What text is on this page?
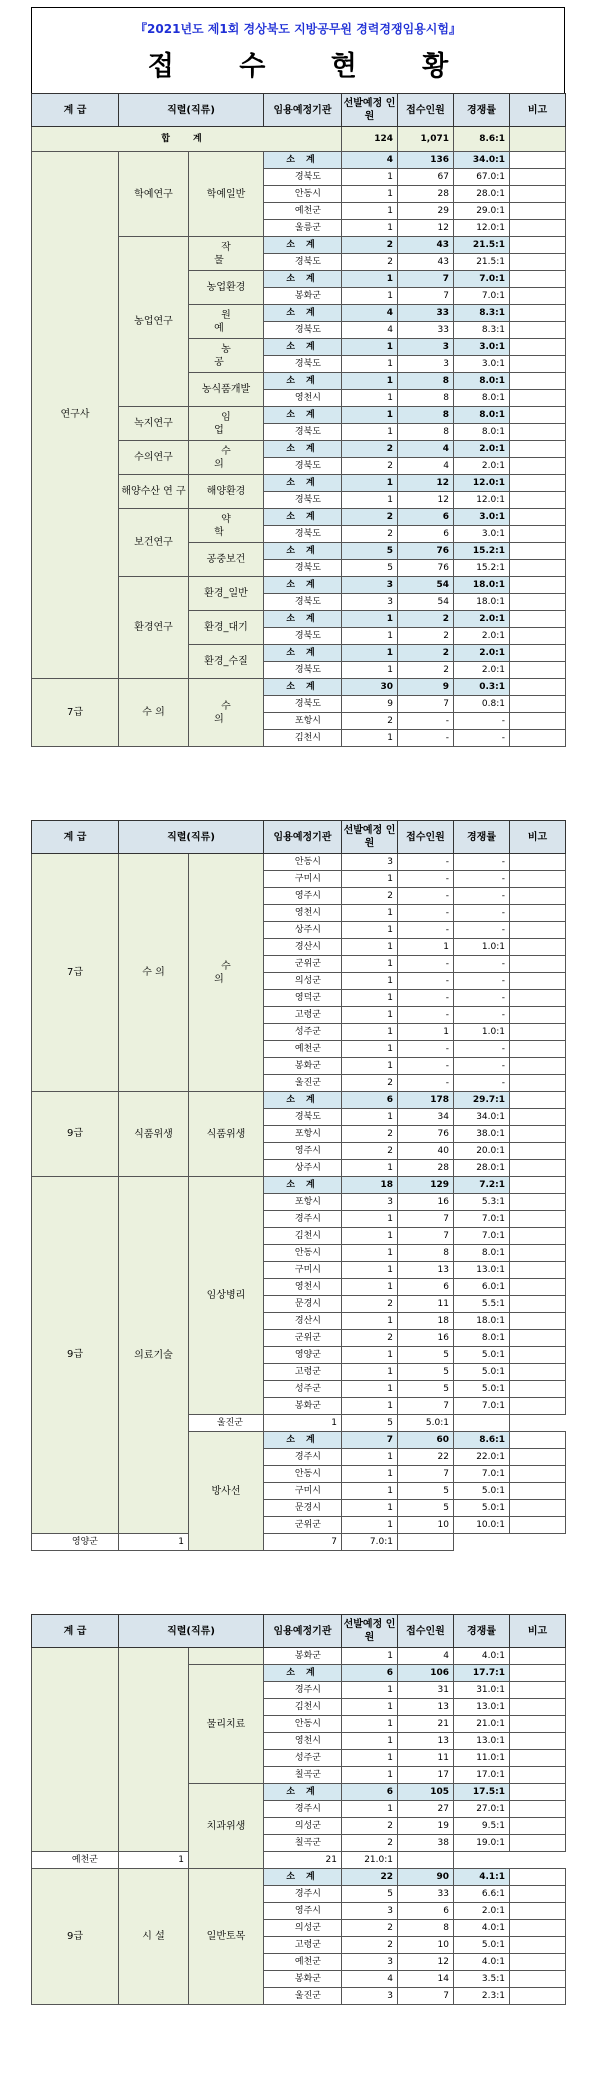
『2021년도 제1회 경상북도 지방공무원 경력경쟁임용시험』
접 수 현 황
계 급	직렬(직류)		임용예정기관	선발예정 인 원	접수인원	경쟁률	비고
합 계				124	1,071	8.6:1	
연구사	학예연구	학예일반	소 계	4	136	34.0:1	
			경북도	1	67	67.0:1	
			안동시	1	28	28.0:1	
			예천군	1	29	29.0:1	
			울릉군	1	12	12.0:1	
	농업연구	작 물	소 계	2	43	21.5:1	
			경북도	2	43	21.5:1	
		농업환경	소 계	1	7	7.0:1	
			봉화군	1	7	7.0:1	
		원 예	소 계	4	33	8.3:1	
			경북도	4	33	8.3:1	
		농 공	소 계	1	3	3.0:1	
			경북도	1	3	3.0:1	
		농식품개발	소 계	1	8	8.0:1	
			영천시	1	8	8.0:1	
	녹지연구	임 업	소 계	1	8	8.0:1	
			경북도	1	8	8.0:1	
	수의연구	수 의	소 계	2	4	2.0:1	
			경북도	2	4	2.0:1	
	해양수산 연 구	해양환경	소 계	1	12	12.0:1	
			경북도	1	12	12.0:1	
	보건연구	약 학	소 계	2	6	3.0:1	
			경북도	2	6	3.0:1	
		공중보건	소 계	5	76	15.2:1	
			경북도	5	76	15.2:1	
	환경연구	환경_일반	소 계	3	54	18.0:1	
			경북도	3	54	18.0:1	
		환경_대기	소 계	1	2	2.0:1	
			경북도	1	2	2.0:1	
		환경_수질	소 계	1	2	2.0:1	
			경북도	1	2	2.0:1	
7급	수 의	수 의	소 계	30	9	0.3:1	
			경북도	9	7	0.8:1	
			포항시	2	-	-	
			김천시	1	-	-	
계 급	직렬(직류)		임용예정기관	선발예정 인 원	접수인원	경쟁률	비고
7급	수 의	수 의	안동시	3	-	-	
			구미시	1	-	-	
			영주시	2	-	-	
			영천시	1	-	-	
			상주시	1	-	-	
			경산시	1	1	1.0:1	
			군위군	1	-	-	
			의성군	1	-	-	
			영덕군	1	-	-	
			고령군	1	-	-	
			성주군	1	1	1.0:1	
			예천군	1	-	-	
			봉화군	1	-	-	
			울진군	2	-	-	
9급	식품위생	식품위생	소 계	6	178	29.7:1	
			경북도	1	34	34.0:1	
			포항시	2	76	38.0:1	
			영주시	2	40	20.0:1	
			상주시	1	28	28.0:1	
9급	의료기술	임상병리	소 계	18	129	7.2:1	
			포항시	3	16	5.3:1	
			경주시	1	7	7.0:1	
			김천시	1	7	7.0:1	
			안동시	1	8	8.0:1	
			구미시	1	13	13.0:1	
			영천시	1	6	6.0:1	
			문경시	2	11	5.5:1	
			경산시	1	18	18.0:1	
			군위군	2	16	8.0:1	
			영양군	1	5	5.0:1	
			고령군	1	5	5.0:1	
			성주군	1	5	5.0:1	
			봉화군	1	7	7.0:1	
		울진군	1	5	5.0:1		
		방사선	소 계	7	60	8.6:1	
			경주시	1	22	22.0:1	
			안동시	1	7	7.0:1	
			구미시	1	5	5.0:1	
			문경시	1	5	5.0:1	
			군위군	1	10	10.0:1	
영양군	1		7	7.0:1			
계 급	직렬(직류)		임용예정기관	선발예정 인 원	접수인원	경쟁률	비고
			봉화군	1	4	4.0:1	
		물리치료	소 계	6	106	17.7:1	
			경주시	1	31	31.0:1	
			김천시	1	13	13.0:1	
			안동시	1	21	21.0:1	
			영천시	1	13	13.0:1	
			성주군	1	11	11.0:1	
			칠곡군	1	17	17.0:1	
		치과위생	소 계	6	105	17.5:1	
			경주시	1	27	27.0:1	
			의성군	2	19	9.5:1	
			칠곡군	2	38	19.0:1	
예천군	1		21	21.0:1			
9급	시 설	일반토목	소 계	22	90	4.1:1	
			경주시	5	33	6.6:1	
			영주시	3	6	2.0:1	
			의성군	2	8	4.0:1	
			고령군	2	10	5.0:1	
			예천군	3	12	4.0:1	
			봉화군	4	14	3.5:1	
			울진군	3	7	2.3:1	
